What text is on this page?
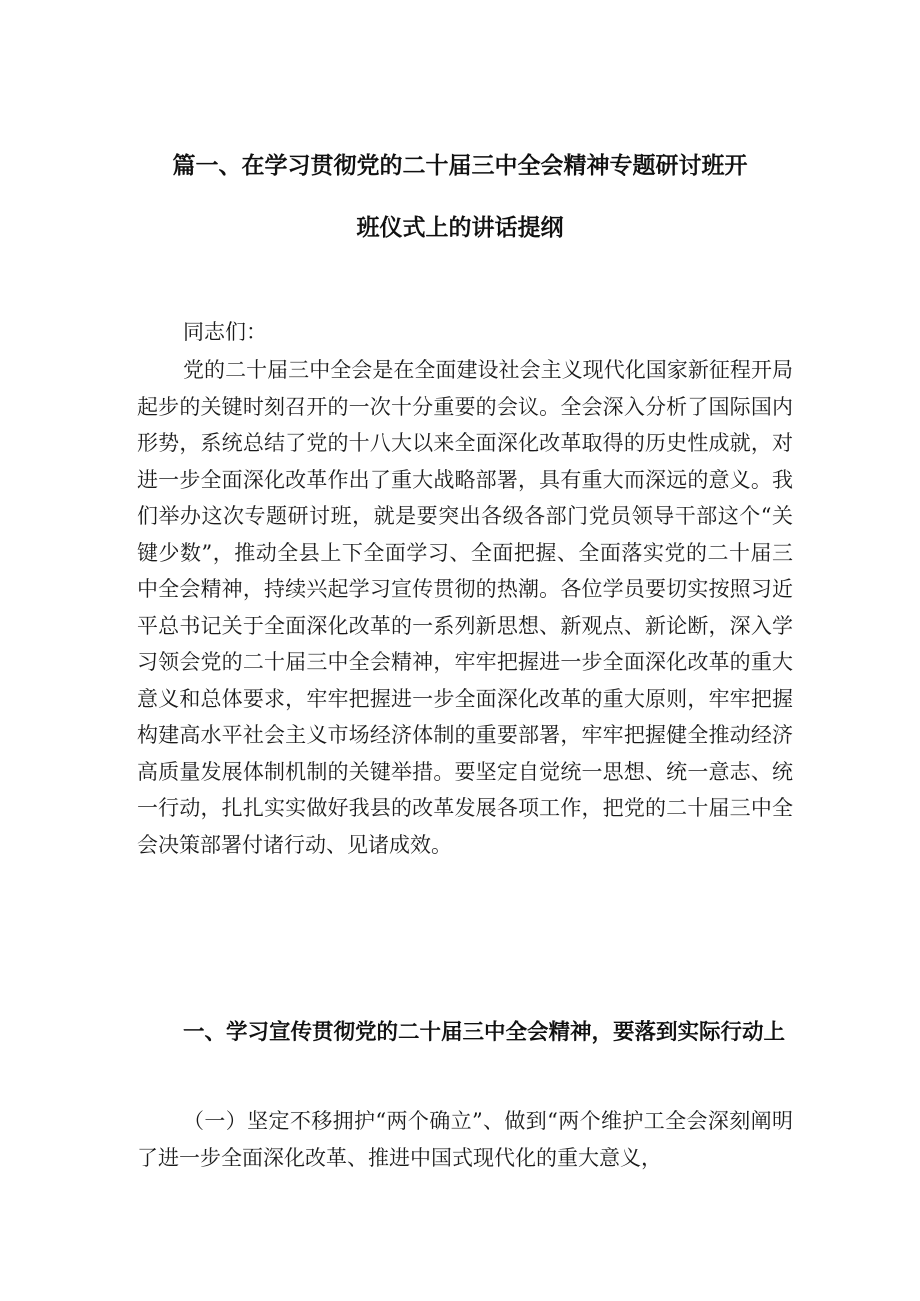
篇一、在学习贯彻党的二十届三中全会精神专题研讨班开
班仪式上的讲话提纲

同志们：

党的二十届三中全会是在全面建设社会主义现代化国家新征程开局起步的关键时刻召开的一次十分重要的会议。全会深入分析了国际国内形势，系统总结了党的十八大以来全面深化改革取得的历史性成就，对进一步全面深化改革作出了重大战略部署，具有重大而深远的意义。我们举办这次专题研讨班，就是要突出各级各部门党员领导干部这个“关键少数”，推动全县上下全面学习、全面把握、全面落实党的二十届三中全会精神，持续兴起学习宣传贯彻的热潮。各位学员要切实按照习近平总书记关于全面深化改革的一系列新思想、新观点、新论断，深入学习领会党的二十届三中全会精神，牢牢把握进一步全面深化改革的重大意义和总体要求，牢牢把握进一步全面深化改革的重大原则，牢牢把握构建高水平社会主义市场经济体制的重要部署，牢牢把握健全推动经济高质量发展体制机制的关键举措。要坚定自觉统一思想、统一意志、统一行动，扎扎实实做好我县的改革发展各项工作，把党的二十届三中全会决策部署付诸行动、见诸成效。

一、学习宣传贯彻党的二十届三中全会精神，要落到实际行动上

（一）坚定不移拥护“两个确立”、做到“两个维护工全会深刻阐明了进一步全面深化改革、推进中国式现代化的重大意义，
